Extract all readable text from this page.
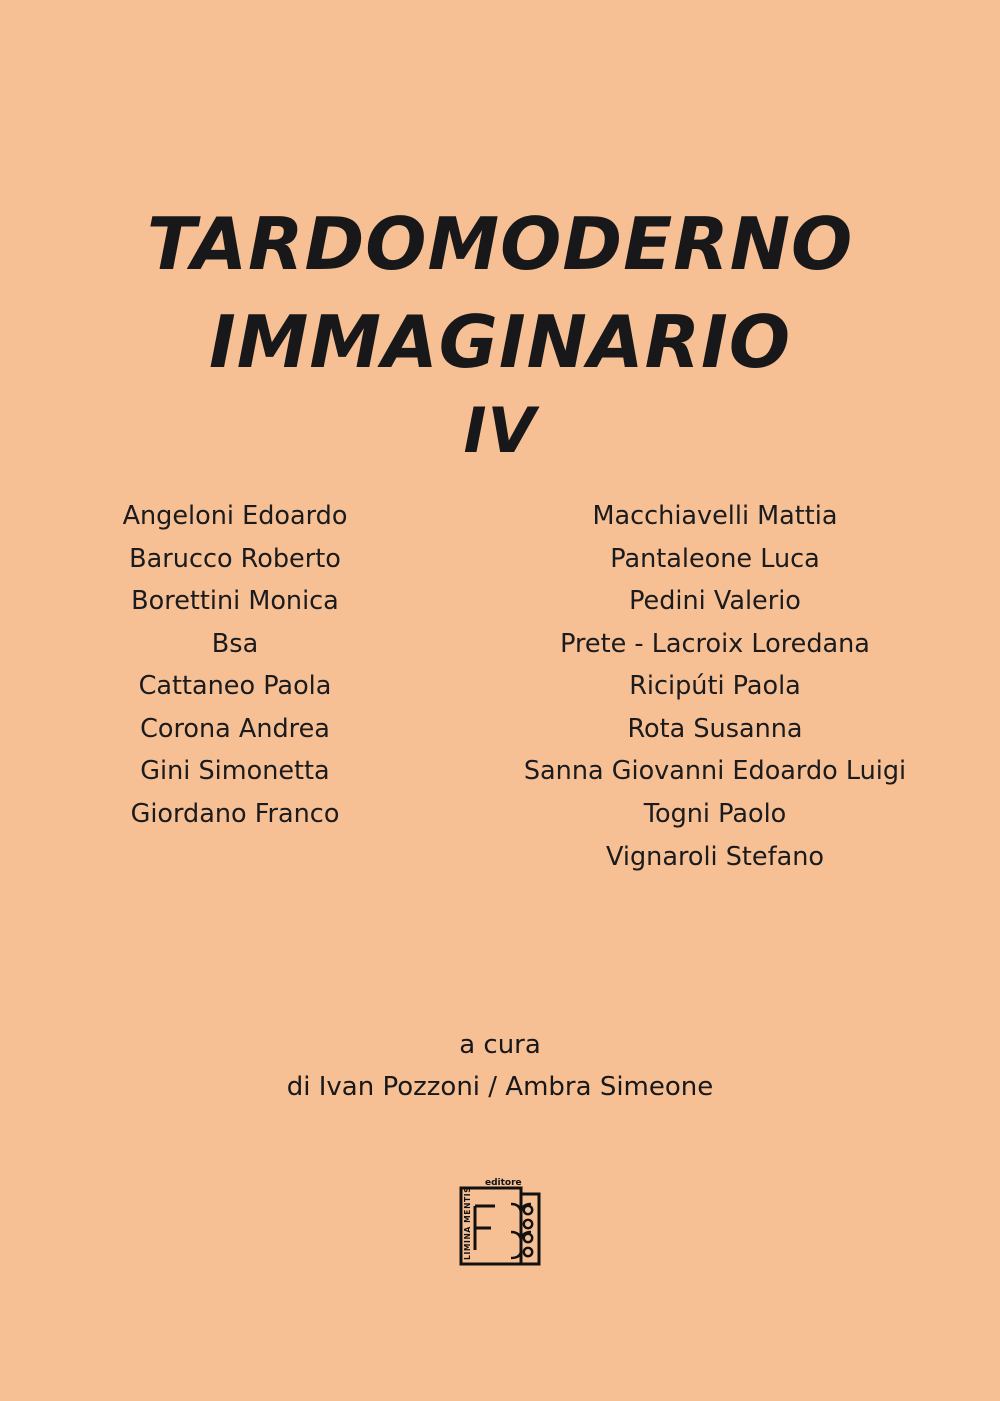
TARDOMODERNO
IMMAGINARIO
IV
Angeloni Edoardo
Barucco Roberto
Borettini Monica
Bsa
Cattaneo Paola
Corona Andrea
Gini Simonetta
Giordano Franco
Macchiavelli Mattia
Pantaleone Luca
Pedini Valerio
Prete - Lacroix Loredana
Ricipúti Paola
Rota Susanna
Sanna Giovanni Edoardo Luigi
Togni Paolo
Vignaroli Stefano
a cura
di Ivan Pozzoni / Ambra Simeone
LIMINA MENTIS
editore
